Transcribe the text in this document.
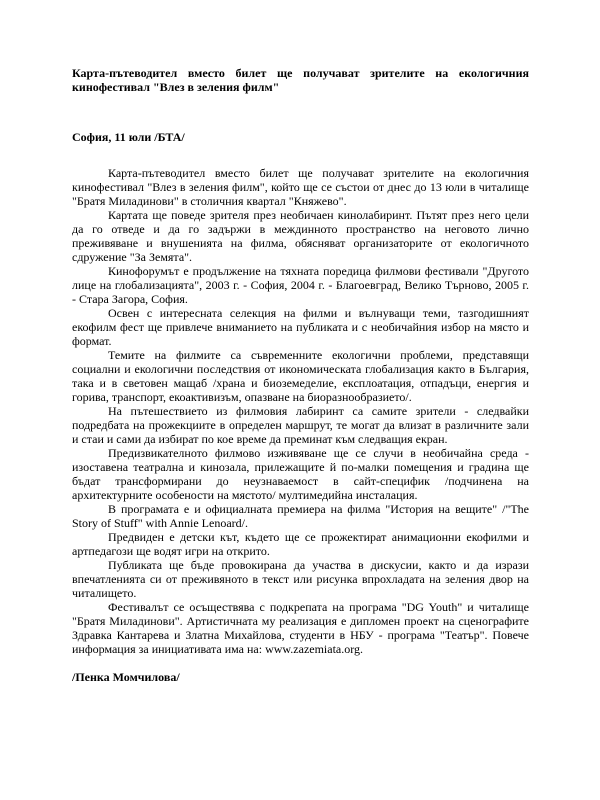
Карта-пътеводител вместо билет ще получават зрителите на екологичния кинофестивал "Влез в зеления филм"

София, 11 юли /БТА/

Карта-пътеводител вместо билет ще получават зрителите на екологичния кинофестивал "Влез в зеления филм", който ще се състои от днес до 13 юли в читалище "Братя Миладинови" в столичния квартал "Княжево".

Картата ще поведе зрителя през необичаен кинолабиринт. Пътят през него цели да го отведе и да го задържи в междинното пространство на неговото лично преживяване и внушенията на филма, обясняват организаторите от екологичното сдружение "За Земята".

Кинофорумът е продължение на тяхната поредица филмови фестивали "Другото лице на глобализацията", 2003 г. - София, 2004 г. - Благоевград, Велико Търново, 2005 г. - Стара Загора, София.

Освен с интересната селекция на филми и вълнуващи теми, тазгодишният екофилм фест ще привлече вниманието на публиката и с необичайния избор на място и формат.

Темите на филмите са съвременните екологични проблеми, представящи социални и екологични последствия от икономическата глобализация както в България, така и в световен мащаб /храна и биоземеделие, експлоатация, отпадъци, енергия и горива, транспорт, екоактивизъм, опазване на биоразнообразието/.

На пътешествието из филмовия лабиринт са самите зрители - следвайки подредбата на прожекциите в определен маршрут, те могат да влизат в различните зали и стаи и сами да избират по кое време да преминат към следващия екран.

Предизвикателното филмово изживяване ще се случи в необичайна среда - изоставена театрална и кинозала, прилежащите й по-малки помещения и градина ще бъдат трансформирани до неузнаваемост в сайт-специфик /подчинена на архитектурните особености на мястото/ мултимедийна инсталация.

В програмата е и официалната премиера на филма "История на вещите" /"The Story of Stuff" with Annie Lenoard/.

Предвиден е детски кът, където ще се прожектират анимационни екофилми и артпедагози ще водят игри на открито.

Публиката ще бъде провокирана да участва в дискусии, както и да изрази впечатленията си от преживяното в текст или рисунка впрохладата на зеления двор на читалището.

Фестивалът се осъществява с подкрепата на програма "DG Youth" и читалище "Братя Миладинови". Артистичната му реализация е дипломен проект на сценографите Здравка Кантарева и Златна Михайлова, студенти в НБУ - програма "Театър". Повече информация за инициативата има на: www.zazemiata.org.

/Пенка Момчилова/
